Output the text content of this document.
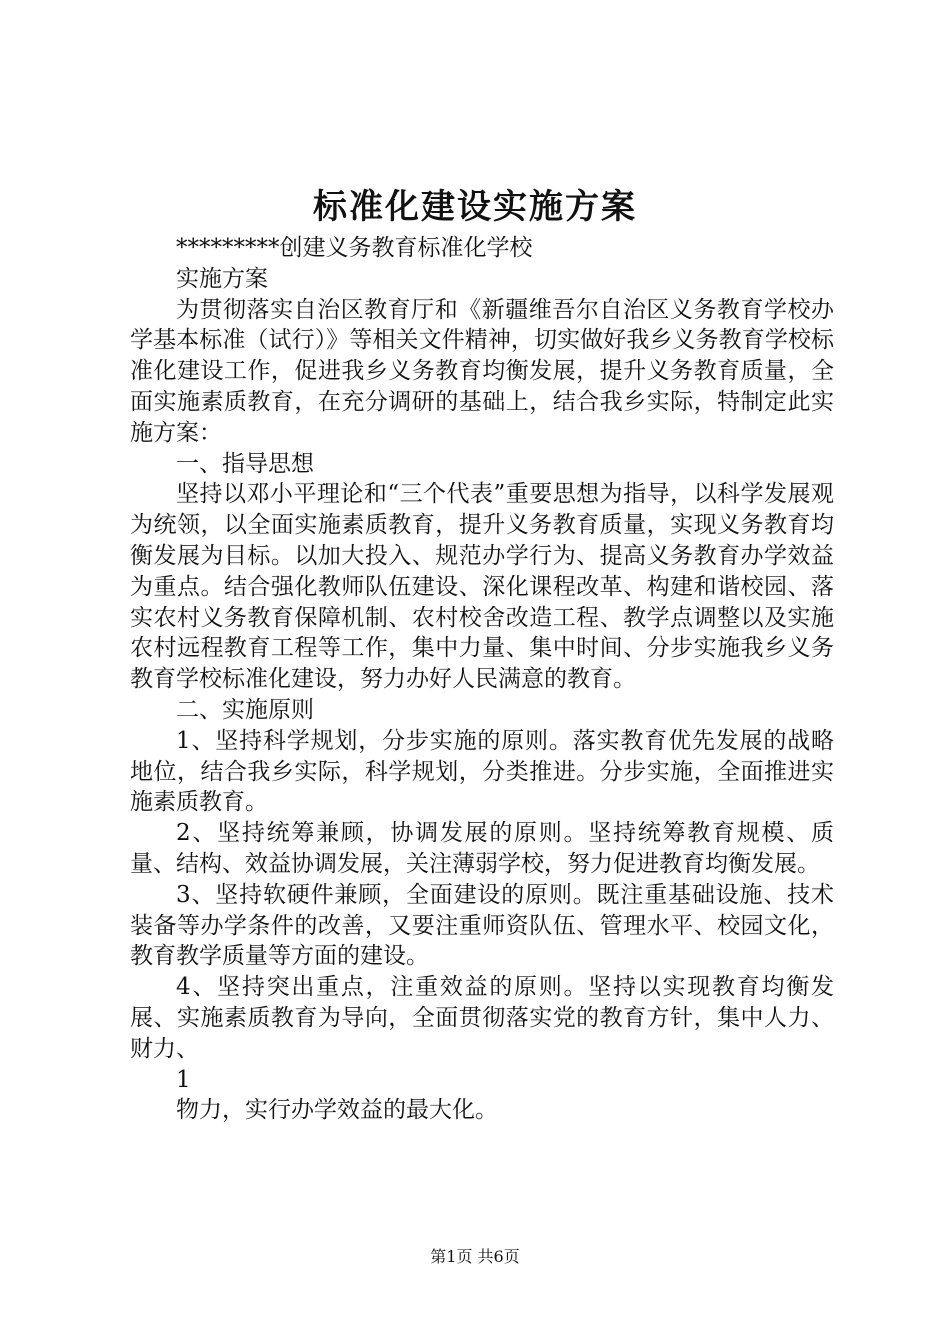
标准化建设实施方案

*********创建义务教育标准化学校

实施方案

为贯彻落实自治区教育厅和《新疆维吾尔自治区义务教育学校办学基本标准（试行）》等相关文件精神，切实做好我乡义务教育学校标准化建设工作，促进我乡义务教育均衡发展，提升义务教育质量，全面实施素质教育，在充分调研的基础上，结合我乡实际，特制定此实施方案：

一、指导思想

坚持以邓小平理论和“三个代表”重要思想为指导，以科学发展观为统领，以全面实施素质教育，提升义务教育质量，实现义务教育均衡发展为目标。以加大投入、规范办学行为、提高义务教育办学效益为重点。结合强化教师队伍建设、深化课程改革、构建和谐校园、落实农村义务教育保障机制、农村校舍改造工程、教学点调整以及实施农村远程教育工程等工作，集中力量、集中时间、分步实施我乡义务教育学校标准化建设，努力办好人民满意的教育。

二、实施原则

1、坚持科学规划，分步实施的原则。落实教育优先发展的战略地位，结合我乡实际，科学规划，分类推进。分步实施，全面推进实施素质教育。

2、坚持统筹兼顾，协调发展的原则。坚持统筹教育规模、质量、结构、效益协调发展，关注薄弱学校，努力促进教育均衡发展。

3、坚持软硬件兼顾，全面建设的原则。既注重基础设施、技术装备等办学条件的改善，又要注重师资队伍、管理水平、校园文化，教育教学质量等方面的建设。

4、坚持突出重点，注重效益的原则。坚持以实现教育均衡发展、实施素质教育为导向，全面贯彻落实党的教育方针，集中人力、财力、

1

物力，实行办学效益的最大化。

第1页 共6页
